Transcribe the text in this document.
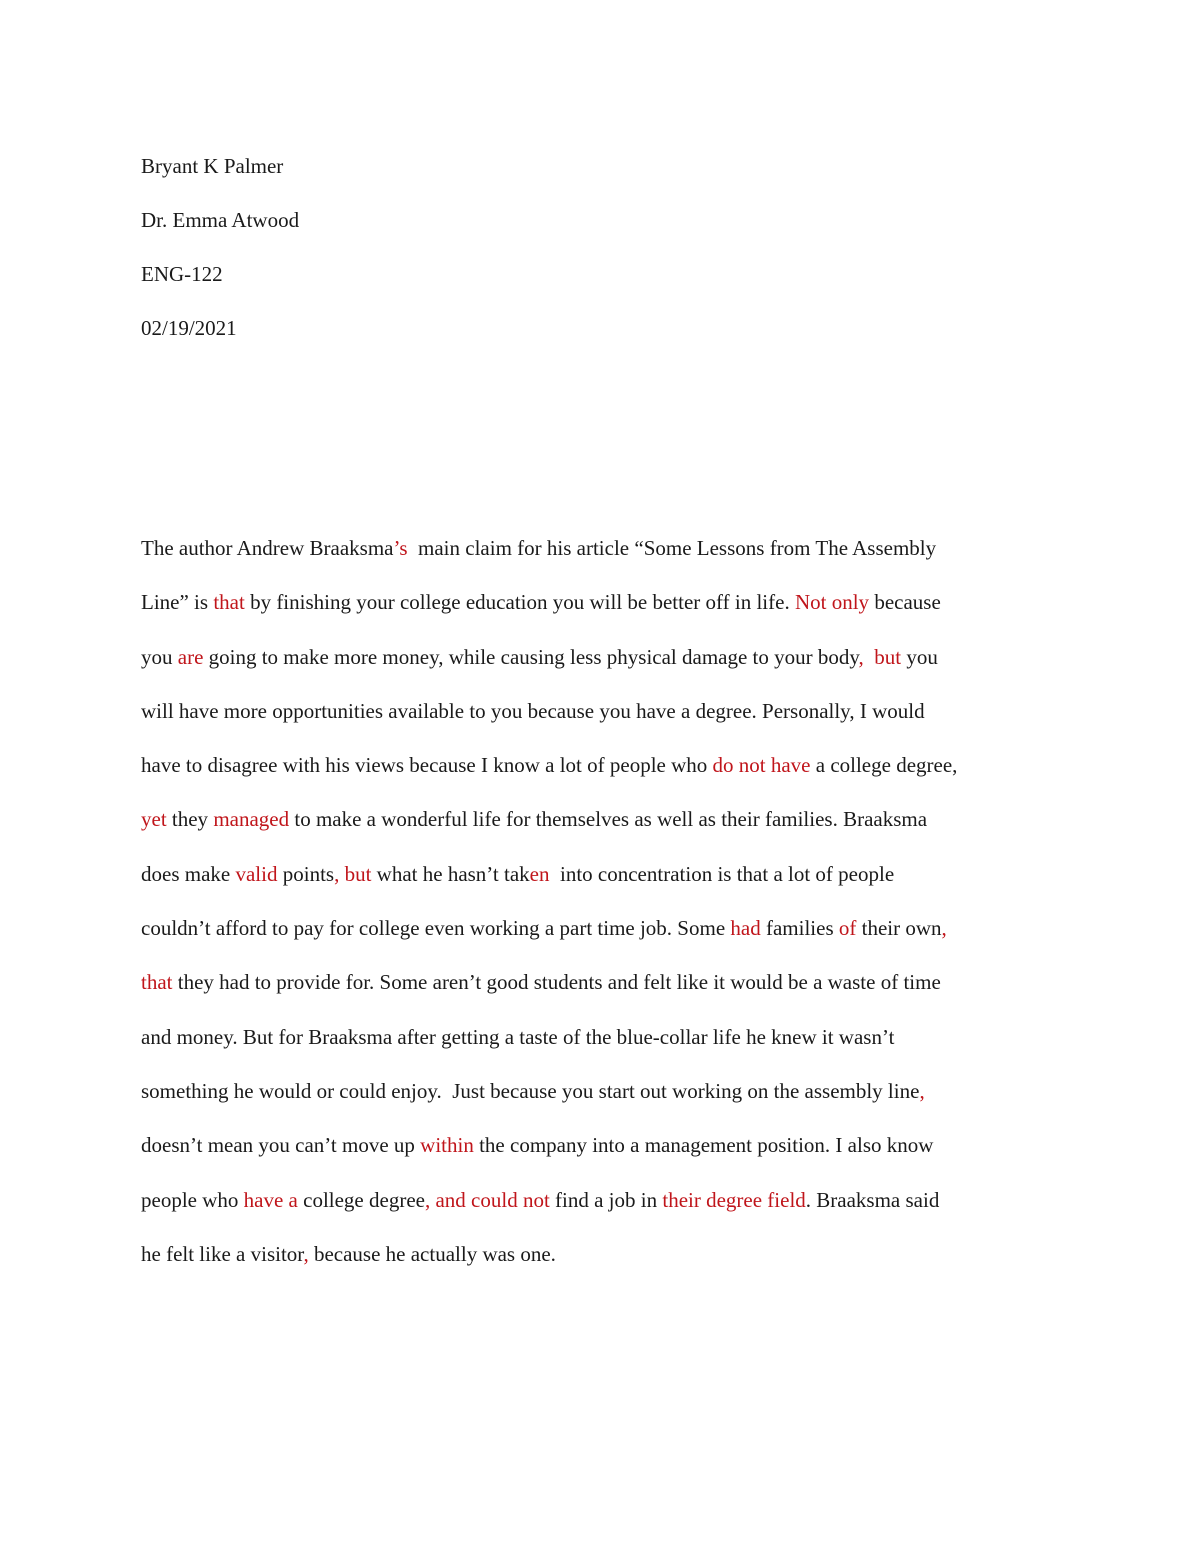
Bryant K Palmer
Dr. Emma Atwood
ENG-122
02/19/2021
The author Andrew Braaksma’s  main claim for his article “Some Lessons from The Assembly
Line” is that by finishing your college education you will be better off in life. Not only because
you are going to make more money, while causing less physical damage to your body,  but you
will have more opportunities available to you because you have a degree. Personally, I would
have to disagree with his views because I know a lot of people who do not have a college degree,
yet they managed to make a wonderful life for themselves as well as their families. Braaksma
does make valid points, but what he hasn’t taken  into concentration is that a lot of people
couldn’t afford to pay for college even working a part time job. Some had families of their own,
that they had to provide for. Some aren’t good students and felt like it would be a waste of time
and money. But for Braaksma after getting a taste of the blue-collar life he knew it wasn’t
something he would or could enjoy.  Just because you start out working on the assembly line,
doesn’t mean you can’t move up within the company into a management position. I also know
people who have a college degree, and could not find a job in their degree field. Braaksma said
he felt like a visitor, because he actually was one.
